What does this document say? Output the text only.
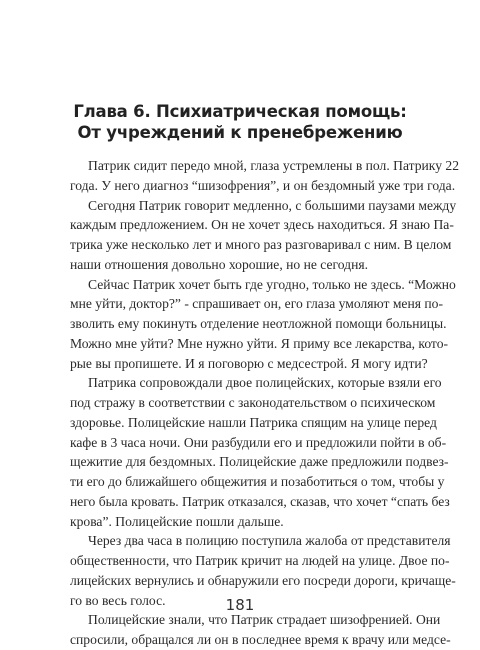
Глава 6. Психиатрическая помощь:
От учреждений к пренебрежению
Патрик сидит передо мной, глаза устремлены в пол. Патрику 22
года. У него диагноз “шизофрения”, и он бездомный уже три года.
Сегодня Патрик говорит медленно, с большими паузами между
каждым предложением. Он не хочет здесь находиться. Я знаю Па-
трика уже несколько лет и много раз разговаривал с ним. В целом
наши отношения довольно хорошие, но не сегодня.
Сейчас Патрик хочет быть где угодно, только не здесь. “Можно
мне уйти, доктор?” - спрашивает он, его глаза умоляют меня по-
зволить ему покинуть отделение неотложной помощи больницы.
Можно мне уйти? Мне нужно уйти. Я приму все лекарства, кото-
рые вы пропишете. И я поговорю с медсестрой. Я могу идти?
Патрика сопровождали двое полицейских, которые взяли его
под стражу в соответствии с законодательством о психическом
здоровье. Полицейские нашли Патрика спящим на улице перед
кафе в 3 часа ночи. Они разбудили его и предложили пойти в об-
щежитие для бездомных. Полицейские даже предложили подвез-
ти его до ближайшего общежития и позаботиться о том, чтобы у
него была кровать. Патрик отказался, сказав, что хочет “спать без
крова”. Полицейские пошли дальше.
Через два часа в полицию поступила жалоба от представителя
общественности, что Патрик кричит на людей на улице. Двое по-
лицейских вернулись и обнаружили его посреди дороги, кричаще-
го во весь голос.
Полицейские знали, что Патрик страдает шизофренией. Они
спросили, обращался ли он в последнее время к врачу или медсе-
181
